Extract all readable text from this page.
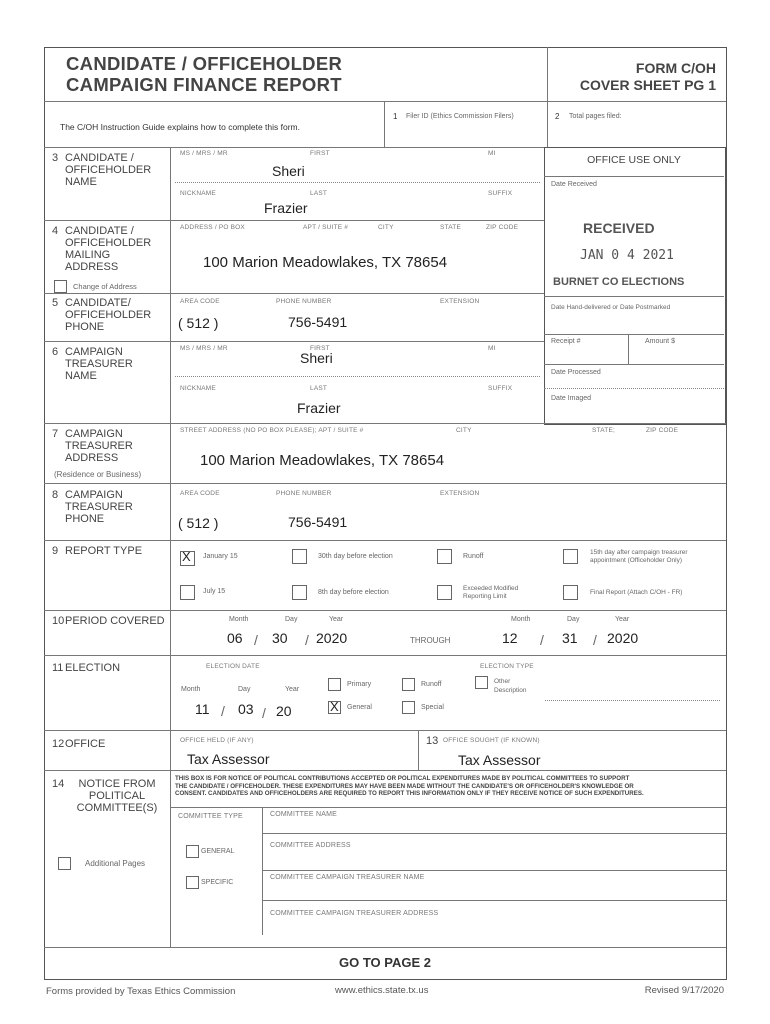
CANDIDATE / OFFICEHOLDER
CAMPAIGN FINANCE REPORT
FORM C/OH
COVER SHEET PG 1
The C/OH Instruction Guide explains how to complete this form.
1 Filer ID (Ethics Commission Filers)	2 Total pages filed:
OFFICE USE ONLY
Date Received
RECEIVED
JAN 0 4 2021
BURNET CO ELECTIONS
Date Hand-delivered or Date Postmarked
Receipt #	Amount $
Date Processed
Date Imaged
3 CANDIDATE / OFFICEHOLDER NAME
MS / MRS / MR	FIRST	MI
Sheri
NICKNAME	LAST	SUFFIX
Frazier
4 CANDIDATE / OFFICEHOLDER MAILING ADDRESS
ADDRESS / PO BOX	APT / SUITE #	CITY	STATE	ZIP CODE
100 Marion Meadowlakes, TX 78654
Change of Address
5 CANDIDATE/ OFFICEHOLDER PHONE
AREA CODE	PHONE NUMBER	EXTENSION
( 512 )	756-5491
6 CAMPAIGN TREASURER NAME
MS / MRS / MR	FIRST	MI
Sheri
NICKNAME	LAST	SUFFIX
Frazier
7 CAMPAIGN TREASURER ADDRESS
(Residence or Business)
STREET ADDRESS (NO PO BOX PLEASE); APT / SUITE #	CITY	STATE;	ZIP CODE
100 Marion Meadowlakes, TX 78654
8 CAMPAIGN TREASURER PHONE
AREA CODE	PHONE NUMBER	EXTENSION
( 512 )	756-5491
9 REPORT TYPE
X	January 15	30th day before election	Runoff
15th day after campaign treasurer appointment (Officeholder Only)
July 15	8th day before election
Exceeded Modified Reporting Limit
Final Report (Attach C/OH - FR)
10 PERIOD COVERED	Month	Day	Year
06 / 30 / 2020	THROUGH
Month	Day	Year
12 / 31 / 2020
11 ELECTION	ELECTION DATE	ELECTION TYPE
Month	Day	Year
11 / 03 / 20
Primary	Runoff	Other
Description
X
General	Special
12 OFFICE	OFFICE HELD (IF ANY)
Tax Assessor
13 OFFICE SOUGHT (IF KNOWN)
Tax Assessor
14	NOTICE FROM POLITICAL COMMITTEE(S)
Additional Pages
THIS BOX IS FOR NOTICE OF POLITICAL CONTRIBUTIONS ACCEPTED OR POLITICAL EXPENDITURES MADE BY POLITICAL COMMITTEES TO SUPPORT
THE CANDIDATE / OFFICEHOLDER. THESE EXPENDITURES MAY HAVE BEEN MADE WITHOUT THE CANDIDATE'S OR OFFICEHOLDER'S KNOWLEDGE OR
CONSENT. CANDIDATES AND OFFICEHOLDERS ARE REQUIRED TO REPORT THIS INFORMATION ONLY IF THEY RECEIVE NOTICE OF SUCH EXPENDITURES.
COMMITTEE TYPE	COMMITTEE NAME
COMMITTEE ADDRESS
GENERAL
SPECIFIC
COMMITTEE CAMPAIGN TREASURER NAME
COMMITTEE CAMPAIGN TREASURER ADDRESS
GO TO PAGE 2
Forms provided by Texas Ethics Commission	www.ethics.state.tx.us	Revised 9/17/2020
